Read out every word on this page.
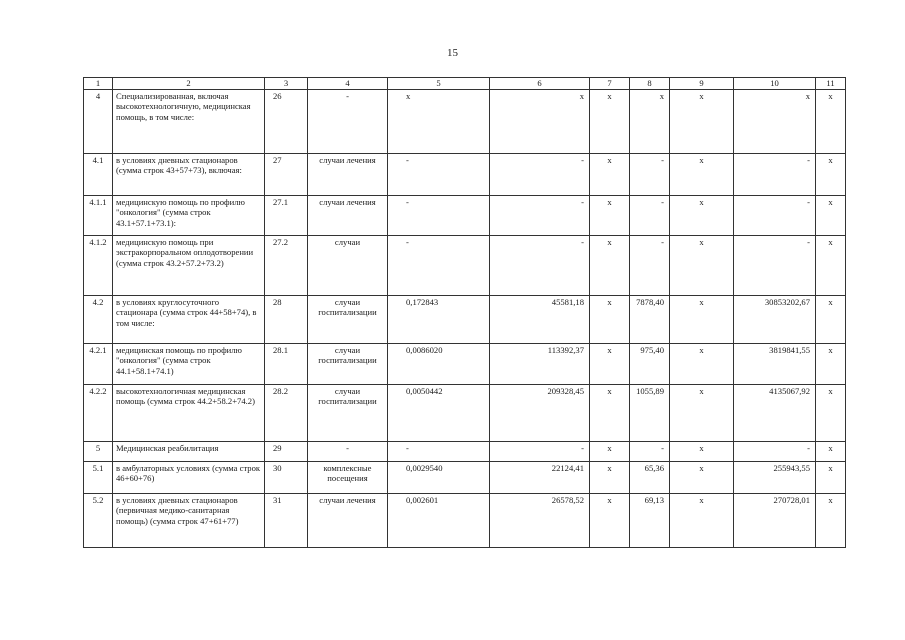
15
1	2	3	4	5	6	7	8	9	10	11
4	Специализированная, включая высокотехнологичную, медицинская помощь, в том числе:	26	-	х	х	х	х	х	х	х
4.1	в условиях дневных стационаров (сумма строк 43+57+73), включая:	27	случаи лечения	-	-	х	-	х	-	х
4.1.1	медицинскую помощь по профилю "онкология" (сумма строк 43.1+57.1+73.1):	27.1	случаи лечения	-	-	х	-	х	-	х
4.1.2	медицинскую помощь при экстракорпоральном оплодотворении (сумма строк 43.2+57.2+73.2)	27.2	случаи	-	-	х	-	х	-	х
4.2	в условиях круглосуточного стационара (сумма строк 44+58+74), в том числе:	28	случаи госпитализации	0,172843	45581,18	х	7878,40	х	30853202,67	х
4.2.1	медицинская помощь по профилю "онкология" (сумма строк 44.1+58.1+74.1)	28.1	случаи госпитализации	0,0086020	113392,37	х	975,40	х	3819841,55	х
4.2.2	высокотехнологичная медицинская помощь (сумма строк 44.2+58.2+74.2)	28.2	случаи госпитализации	0,0050442	209328,45	х	1055,89	х	4135067,92	х
5	Медицинская реабилитация	29	-	-	-	х	-	х	-	х
5.1	в амбулаторных условиях (сумма строк 46+60+76)	30	комплексные посещения	0,0029540	22124,41	х	65,36	х	255943,55	х
5.2	в условиях дневных стационаров (первичная медико-санитарная помощь) (сумма строк 47+61+77)	31	случаи лечения	0,002601	26578,52	х	69,13	х	270728,01	х
